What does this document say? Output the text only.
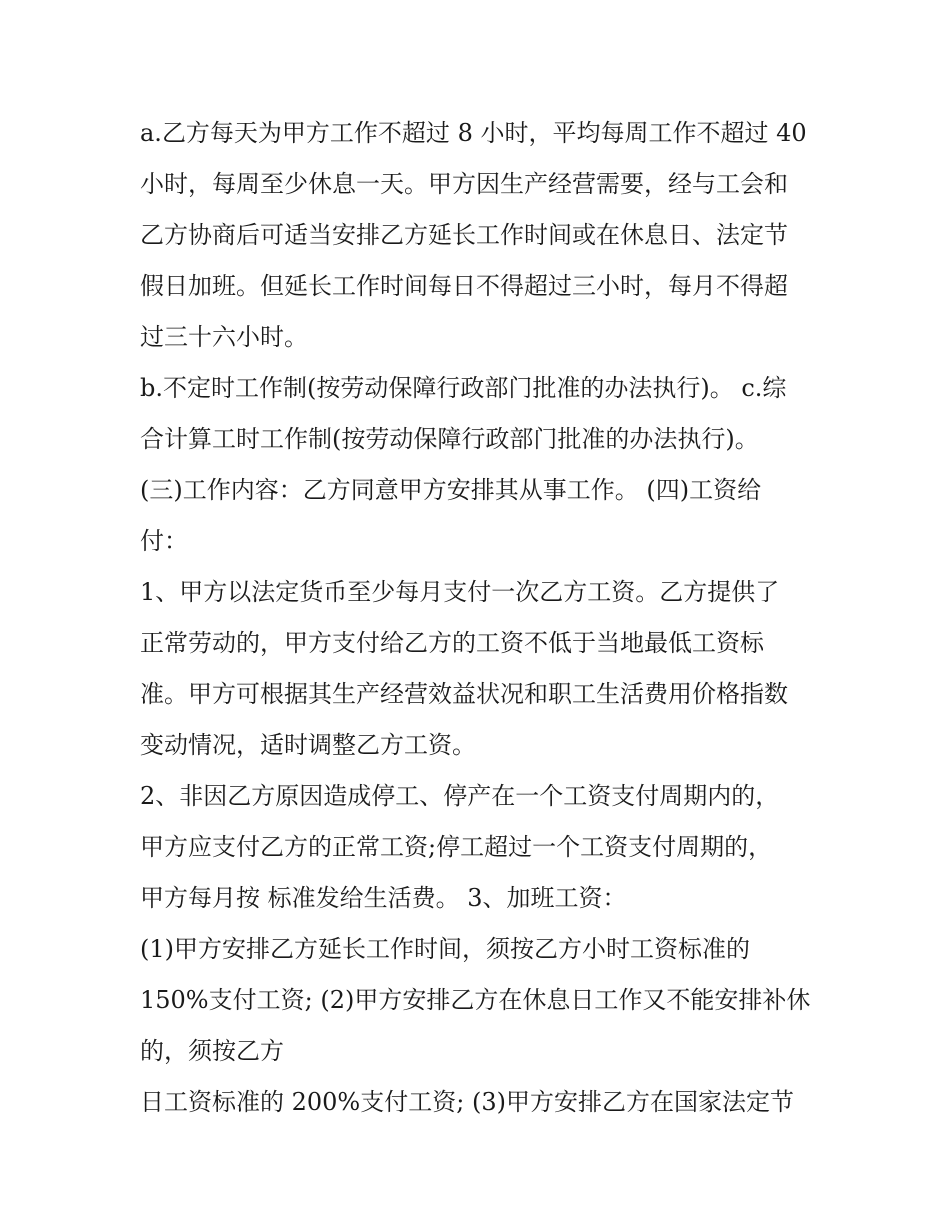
a.乙方每天为甲方工作不超过 8 小时，平均每周工作不超过 40

小时，每周至少休息一天。甲方因生产经营需要，经与工会和

乙方协商后可适当安排乙方延长工作时间或在休息日、法定节

假日加班。但延长工作时间每日不得超过三小时，每月不得超

过三十六小时。

b.不定时工作制(按劳动保障行政部门批准的办法执行)。 c.综

合计算工时工作制(按劳动保障行政部门批准的办法执行)。

(三)工作内容：乙方同意甲方安排其从事工作。 (四)工资给

付：

1、甲方以法定货币至少每月支付一次乙方工资。乙方提供了

正常劳动的，甲方支付给乙方的工资不低于当地最低工资标

准。甲方可根据其生产经营效益状况和职工生活费用价格指数

变动情况，适时调整乙方工资。

2、非因乙方原因造成停工、停产在一个工资支付周期内的，

甲方应支付乙方的正常工资;停工超过一个工资支付周期的，

甲方每月按 标准发给生活费。 3、加班工资：

(1)甲方安排乙方延长工作时间，须按乙方小时工资标准的

150%支付工资; (2)甲方安排乙方在休息日工作又不能安排补休

的，须按乙方

日工资标准的 200%支付工资; (3)甲方安排乙方在国家法定节
